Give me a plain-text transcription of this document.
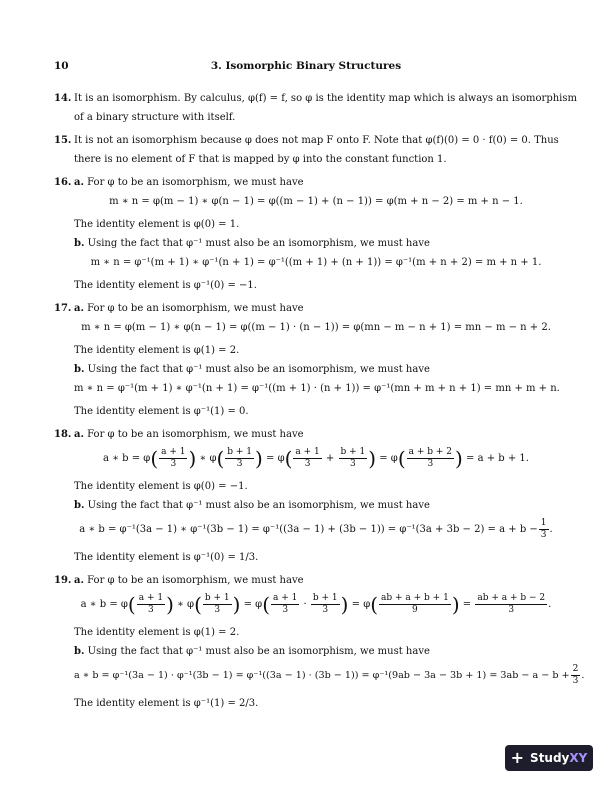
10	3. Isomorphic Binary Structures
14. It is an isomorphism. By calculus, φ(f) = f, so φ is the identity map which is always an isomorphism
of a binary structure with itself.
15. It is not an isomorphism because φ does not map F onto F. Note that φ(f)(0) = 0 · f(0) = 0. Thus
there is no element of F that is mapped by φ into the constant function 1.
16. a. For φ to be an isomorphism, we must have
m ∗ n = φ(m − 1) ∗ φ(n − 1) = φ((m − 1) + (n − 1)) = φ(m + n − 2) = m + n − 1.
The identity element is φ(0) = 1.
b. Using the fact that φ⁻¹ must also be an isomorphism, we must have
m ∗ n = φ⁻¹(m + 1) ∗ φ⁻¹(n + 1) = φ⁻¹((m + 1) + (n + 1)) = φ⁻¹(m + n + 2) = m + n + 1.
The identity element is φ⁻¹(0) = −1.
17. a. For φ to be an isomorphism, we must have
m ∗ n = φ(m − 1) ∗ φ(n − 1) = φ((m − 1) · (n − 1)) = φ(mn − m − n + 1) = mn − m − n + 2.
The identity element is φ(1) = 2.
b. Using the fact that φ⁻¹ must also be an isomorphism, we must have
m ∗ n = φ⁻¹(m + 1) ∗ φ⁻¹(n + 1) = φ⁻¹((m + 1) · (n + 1)) = φ⁻¹(mn + m + n + 1) = mn + m + n.
The identity element is φ⁻¹(1) = 0.
18. a. For φ to be an isomorphism, we must have
a ∗ $b = \varphi( \frac{a + 1}{3}$ ) ∗ $\varphi( \frac{b + 1}{3}$ ) = $\varphi( \frac{a + 1}{3} + \frac{b + 1}{3}$ ) = $\varphi( \frac{a + b + 2}{3}$ ) = a + b + 1.
The identity element is φ(0) = −1.
b. Using the fact that φ⁻¹ must also be an isomorphism, we must have
a ∗ b = φ⁻¹(3a − 1) ∗ $\varphi^{-1}(3b - 1) = \varphi^{-1}((3a - 1) + (3b - 1)) = \varphi^{-1}(3a + 3b - 2) = a + b - \frac{1}{3}$ .
The identity element is φ⁻¹(0) = 1/3.
19. a. For φ to be an isomorphism, we must have
a ∗ $b = \varphi( \frac{a + 1}{3}$ ) ∗ $\varphi( \frac{b + 1}{3}$ ) = $\varphi( \frac{a + 1}{3} \cdot \frac{b + 1}{3}$ ) = $\varphi( \frac{ab + a + b + 1}{9}$ ) = $\frac{ab + a + b - 2}{3}$ .
The identity element is φ(1) = 2.
b. Using the fact that φ⁻¹ must also be an isomorphism, we must have
a ∗ $b = \varphi^{-1}(3a - 1) \cdot \varphi^{-1}(3b - 1) = \varphi^{-1}((3a - 1) \cdot (3b - 1)) = \varphi^{-1}(9ab - 3a - 3b + 1) = 3ab - a - b + \frac{2}{3}$ .
The identity element is φ⁻¹(1) = 2/3.
+ StudyXY
